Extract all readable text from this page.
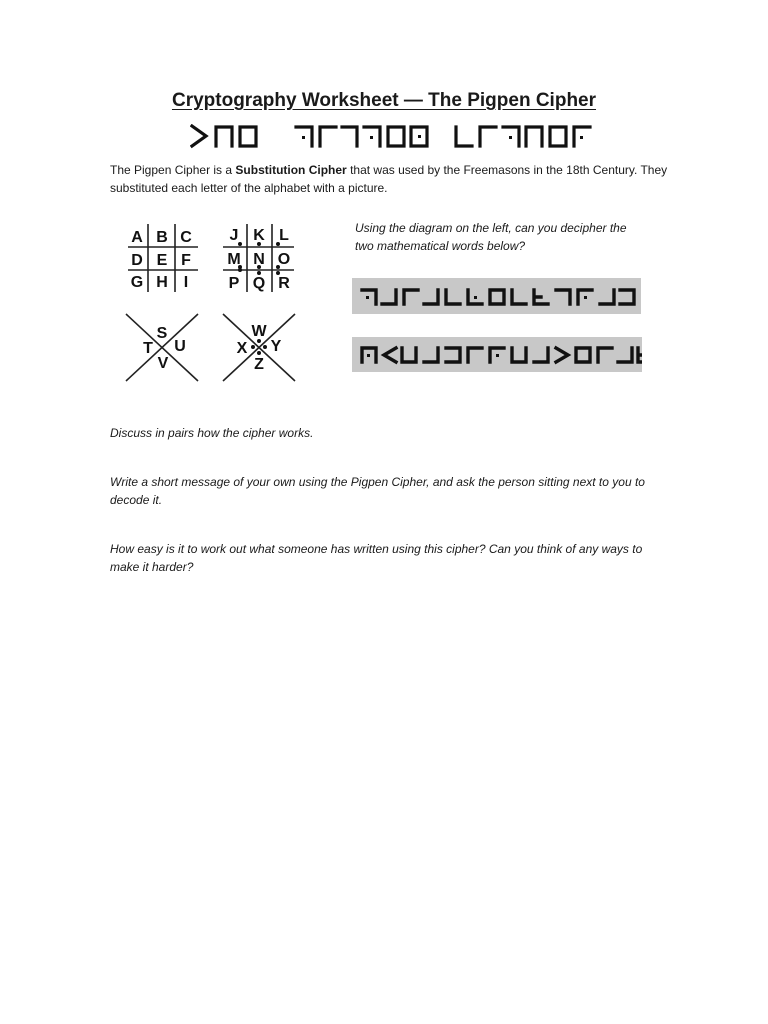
Cryptography Worksheet — The Pigpen Cipher
The Pigpen Cipher is a Substitution Cipher that was used by the Freemasons in the 18th Century. They substituted each letter of the alphabet with a picture.
A B C
D E F
G H I
J K L
M N O
P Q R
S
T U
V
W
X Y
Z
Using the diagram on the left, can you decipher the two mathematical words below?
Discuss in pairs how the cipher works.
Write a short message of your own using the Pigpen Cipher, and ask the person sitting next to you to decode it.
How easy is it to work out what someone has written using this cipher? Can you think of any ways to make it harder?
